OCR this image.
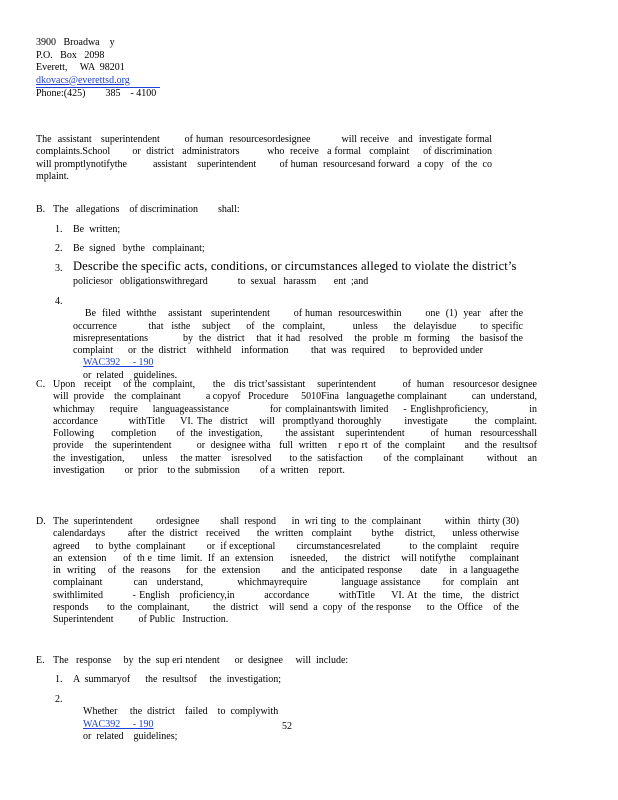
3900   Broadwa    y
P.O.   Box   2098
Everett,     WA  98201
dkovacs@everettsd.org
Phone:(425)        385    - 4100
The  assistant   superintendent        of human  resourcesordesignee          will receive   and  investigate formal  complaints.School        or  district   administrators          who  receive   a formal   complaint     of discrimination        will promptlynotifythe          assistant    superintendent         of human  resourcesand forward   a copy   of  the  co mplaint.
B. The   allegations    of discrimination        shall:
1. Be  written;
2. Be  signed   bythe   complainant;
3. Describe the specific acts, conditions, or circumstances alleged to violate the district’s
policiesor   obligationswithregard            to  sexual   harassm       ent  ;and
4.

Be  filed  withthe    assistant   superintendent        of human  resourceswithin        one  (1)  year   after the  occurrence        that  isthe   subject    of  the  complaint,       unless    the  delayisdue      to specific misrepresentations            by  the  district    that  it had   resolved    the  proble  m  forming    the  basisof the  complaint      or  the  district    withheld    information         that  was  required      to  beprovided under
WAC392     - 190
or  related    guidelines.

C. Upon   receipt    of the  complaint,      the   dis trict’sassistant    superintendent         of  human   resourcesor designee     will  provide    the  complainant          a copyof   Procedure     5010Fina   languagethe complainant          can  understand,          whichmay    require    languageassistance           for complainantswith limited    - Englishproficiency,           in accordance        withTitle    VI. The  district   will  promptlyand thoroughly      investigate       the  complaint.      Following      completion       of  the  investigation,        the assistant    superintendent         of  human   resourcesshall       provide    the  superintendent         or  designee witha   full  written    r epo rt  of  the  complaint       and  the  resultsof    the  investigation,       unless     the matter    isresolved       to the  satisfaction        of  the  complainant         without    an  investigation        or  prior    to the  submission        of a  written    report.
D. The  superintendent         ordesignee        shall  respond      in  wri ting  to  the  complainant         within   thirty (30)  calendardays        after  the  district   received      the  written   complaint       bythe    district,      unless otherwise     agreed      to  bythe  complainant        or  if exceptional        circumstancesrelated           to  the complaint     require     an  extension      of  th e  time  limit.  If  an  extension      isneeded,      the  district    will notifythe     complainant          in  writing    of  the  reasons     for  the  extension       and  the  anticipated response      date    in  a languagethe          complainant          can   understand,           whichmayrequire           language assistance       for  complain   ant  swithlimited         - English   proficiency,in         accordance         withTitle     VI. At  the  time,   the  district    responds       to  the  complainant,         the  district    will  send  a  copy  of  the response      to  the  Office    of  the  Superintendent          of Public   Instruction.
E. The   response     by  the  sup eri ntendent      or  designee     will  include:
1. A  summaryof      the  resultsof     the  investigation;
2.

Whether     the  district    failed    to  complywith
WAC392     - 190
or  related    guidelines;

52
